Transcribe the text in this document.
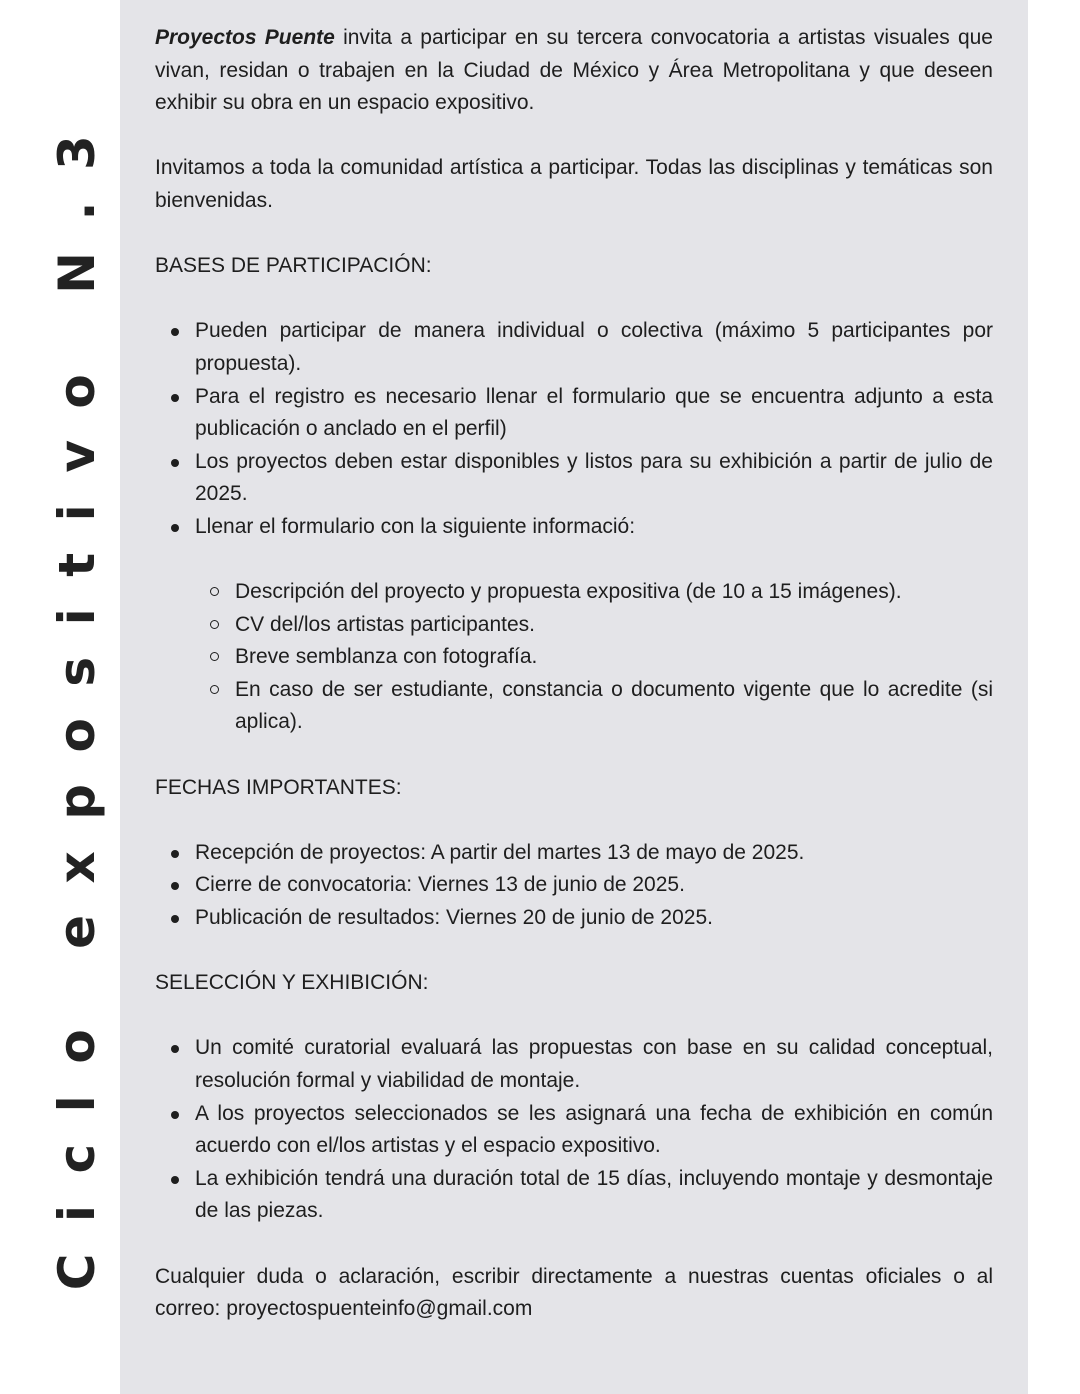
Ciclo expositivo N.3

Proyectos Puente invita a participar en su tercera convocatoria a artistas visuales que vivan, residan o trabajen en la Ciudad de México y Área Metropolitana y que deseen exhibir su obra en un espacio expositivo.

Invitamos a toda la comunidad artística a participar. Todas las disciplinas y temáticas son bienvenidas.

BASES DE PARTICIPACIÓN:

Pueden participar de manera individual o colectiva (máximo 5 participantes por propuesta).
Para el registro es necesario llenar el formulario que se encuentra adjunto a esta publicación o anclado en el perfil)
Los proyectos deben estar disponibles y listos para su exhibición a partir de julio de 2025.
Llenar el formulario con la siguiente informació:
Descripción del proyecto y propuesta expositiva (de 10 a 15 imágenes).
CV del/los artistas participantes.
Breve semblanza con fotografía.
En caso de ser estudiante, constancia o documento vigente que lo acredite (si aplica).

FECHAS IMPORTANTES:

Recepción de proyectos: A partir del martes 13 de mayo de 2025.
Cierre de convocatoria: Viernes 13 de junio de 2025.
Publicación de resultados: Viernes 20 de junio de 2025.

SELECCIÓN Y EXHIBICIÓN:

Un comité curatorial evaluará las propuestas con base en su calidad conceptual, resolución formal y viabilidad de montaje.
A los proyectos seleccionados se les asignará una fecha de exhibición en común acuerdo con el/los artistas y el espacio expositivo.
La exhibición tendrá una duración total de 15 días, incluyendo montaje y desmontaje de las piezas.

Cualquier duda o aclaración, escribir directamente a nuestras cuentas oficiales o al correo: proyectospuenteinfo@gmail.com
